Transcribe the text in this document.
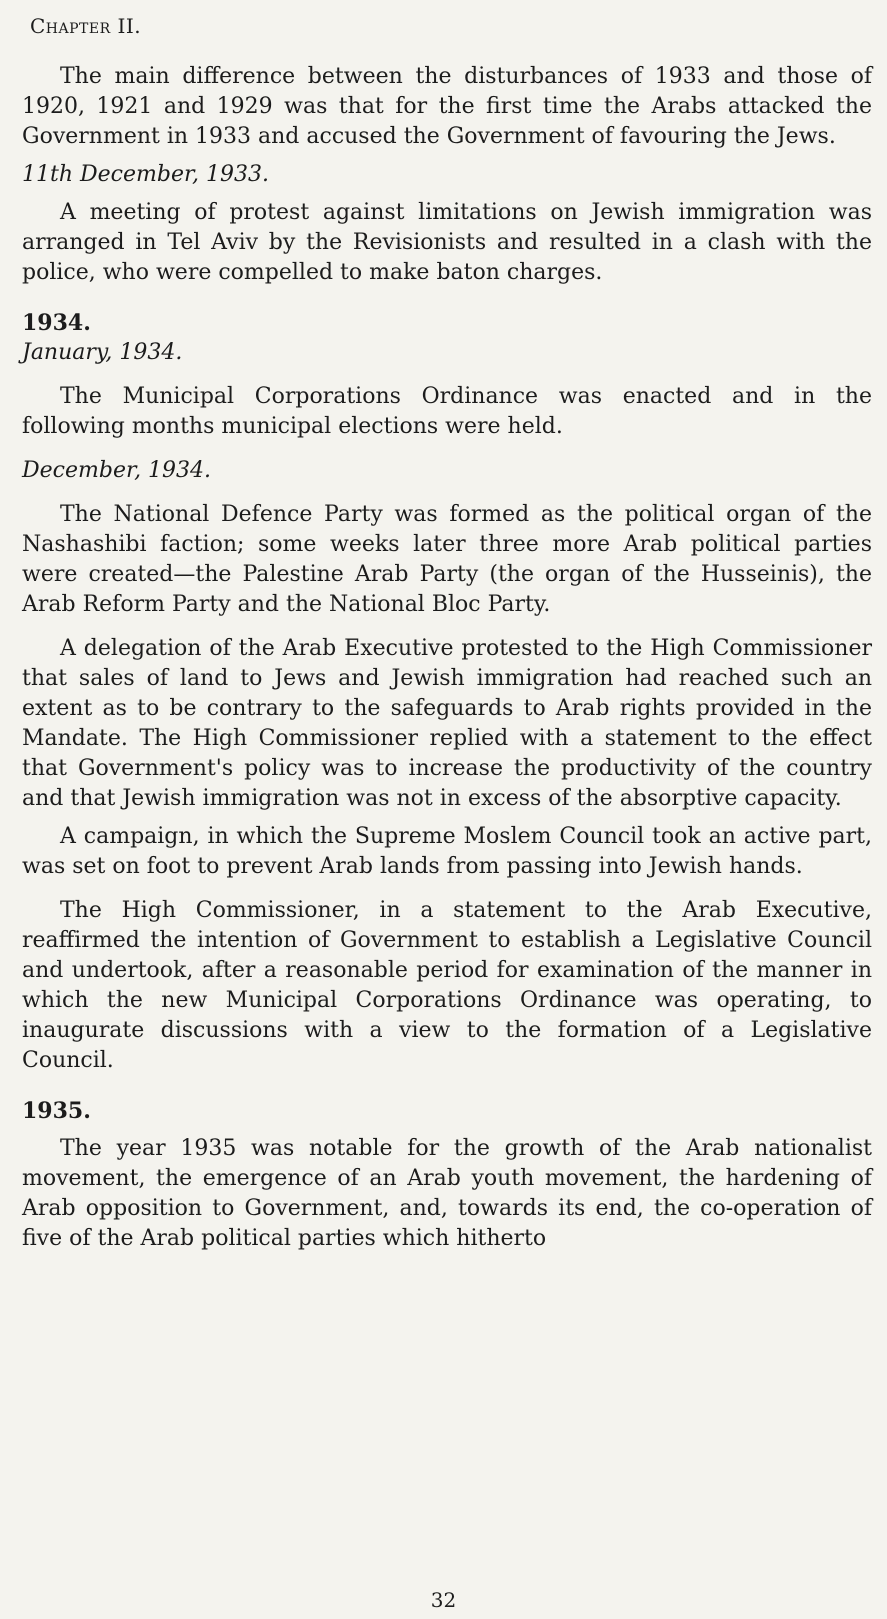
Chapter II.

The main difference between the disturbances of 1933 and those of 1920, 1921 and 1929 was that for the first time the Arabs attacked the Government in 1933 and accused the Government of favouring the Jews.

11th December, 1933.

A meeting of protest against limitations on Jewish immigration was arranged in Tel Aviv by the Revisionists and resulted in a clash with the police, who were compelled to make baton charges.

1934.
January, 1934.

The Municipal Corporations Ordinance was enacted and in the following months municipal elections were held.

December, 1934.

The National Defence Party was formed as the political organ of the Nashashibi faction; some weeks later three more Arab political parties were created—the Palestine Arab Party (the organ of the Husseinis), the Arab Reform Party and the National Bloc Party.

A delegation of the Arab Executive protested to the High Commissioner that sales of land to Jews and Jewish immigration had reached such an extent as to be contrary to the safeguards to Arab rights provided in the Mandate. The High Commissioner replied with a statement to the effect that Government's policy was to increase the productivity of the country and that Jewish immigration was not in excess of the absorptive capacity.

A campaign, in which the Supreme Moslem Council took an active part, was set on foot to prevent Arab lands from passing into Jewish hands.

The High Commissioner, in a statement to the Arab Executive, reaffirmed the intention of Government to establish a Legislative Council and undertook, after a reasonable period for examination of the manner in which the new Municipal Corporations Ordinance was operating, to inaugurate discussions with a view to the formation of a Legislative Council.

1935.

The year 1935 was notable for the growth of the Arab nationalist movement, the emergence of an Arab youth movement, the hardening of Arab opposition to Government, and, towards its end, the co-operation of five of the Arab political parties which hitherto

32
